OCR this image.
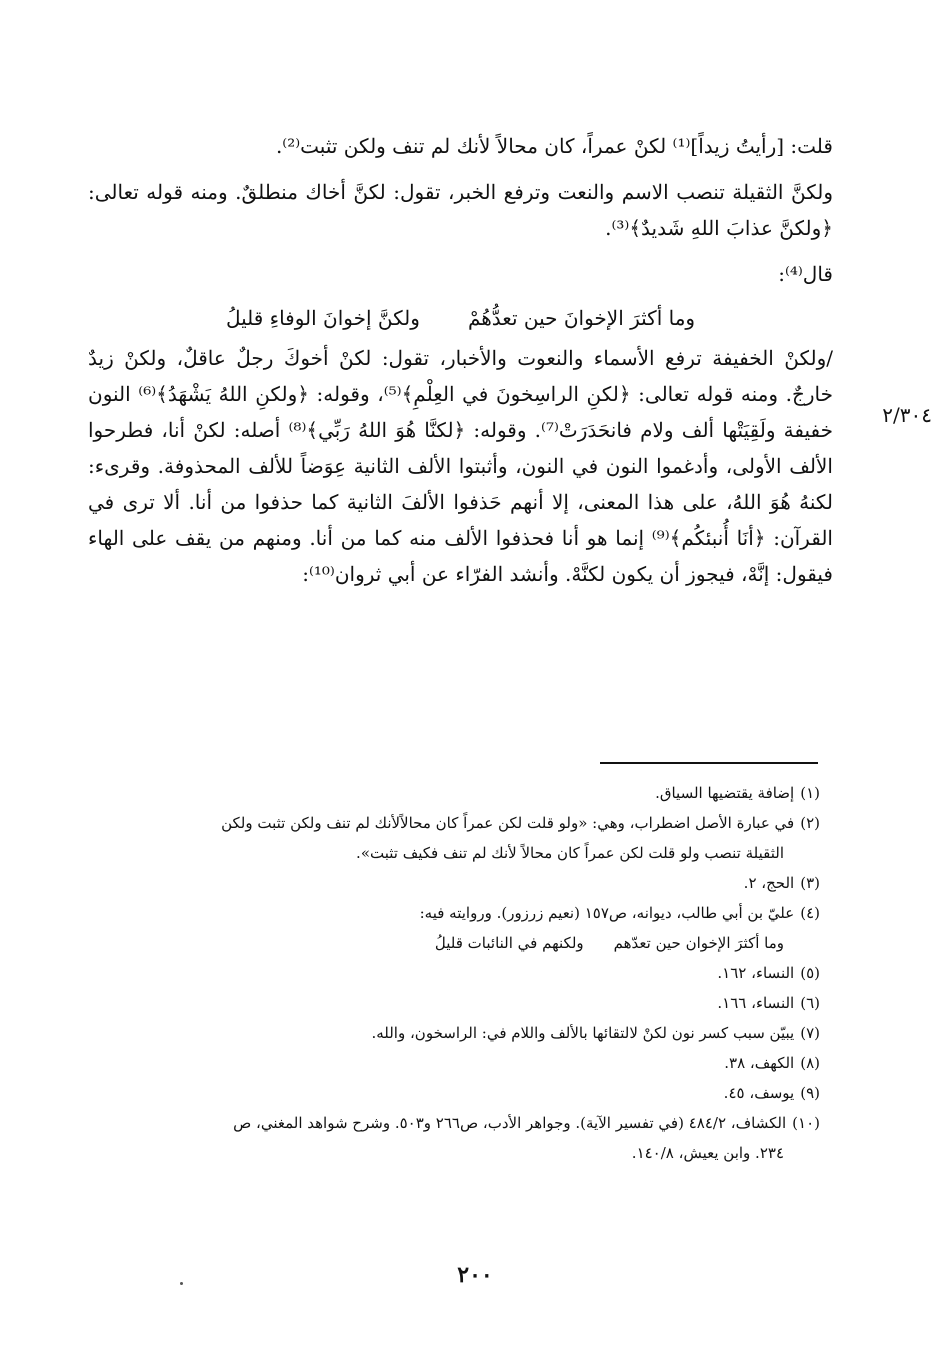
٢/٣٠٤

قلت: [رأيتُ زيداً]⁽¹⁾ لكنْ عمراً، كان محالاً لأنك لم تنف ولكن تثبت⁽²⁾.

ولكنَّ الثقيلة تنصب الاسم والنعت وترفع الخبر، تقول: لكنَّ أخاك منطلقٌ. ومنه قوله تعالى: ﴿ولكنَّ عذابَ اللهِ شَديدٌ﴾⁽³⁾.

قال⁽⁴⁾:

وما أكثرَ الإخوانَ حين تعدُّهُمْ
ولكنَّ إخوانَ الوفاءِ قليلُ

/ولكنْ الخفيفة ترفع الأسماء والنعوت والأخبار، تقول: لكنْ أخوكَ رجلٌ عاقلٌ، ولكنْ زيدٌ خارجٌ. ومنه قوله تعالى: ﴿لكنِ الراسِخونَ في العِلْمِ﴾⁽⁵⁾، وقوله: ﴿ولكنِ اللهُ يَشْهَدُ﴾⁽⁶⁾ النون خفيفة ولَقِيَتْها ألف ولام فانحَدَرَتْ⁽⁷⁾. وقوله: ﴿لكنَّا هُوَ اللهُ رَبِّي﴾⁽⁸⁾ أصله: لكنْ أنا، فطرحوا الألف الأولى، وأدغموا النون في النون، وأثبتوا الألف الثانية عِوَضاً للألف المحذوفة. وقرىء: لكنهُ هُوَ اللهُ، على هذا المعنى، إلا أنهم حَذفوا الألفَ الثانية كما حذفوا من أنا. ألا ترى في القرآن: ﴿أنَا أُنبئكُم﴾⁽⁹⁾ إنما هو أنا فحذفوا الألف منه كما من أنا. ومنهم من يقف على الهاء فيقول: إنَّهْ، فيجوز أن يكون لكنَّهْ. وأنشد الفرّاء عن أبي ثروان⁽¹⁰⁾:

(١)إضافة يقتضيها السياق.

(٢)في عبارة الأصل اضطراب، وهي: «ولو قلت لكن عمراً كان محالاًلأنك لم تنف ولكن تثبت ولكن

الثقيلة تنصب ولو قلت لكن عمراً كان محالاً لأنك لم تنف فكيف تثبت».

(٣)الحج، ٢.

(٤)عليّ بن أبي طالب، ديوانه، ص١٥٧ (نعيم زرزور). وروايته فيه:

وما أكثرَ الإخوان حين تعدّهم
ولكنهم في النائبات قليلُ

(٥)النساء، ١٦٢.

(٦)النساء، ١٦٦.

(٧)يبيّن سبب كسر نون لكنْ لالتقائها بالألف واللام في: الراسخون، والله.

(٨)الكهف، ٣٨.

(٩)يوسف، ٤٥.

(١٠)الكشاف، ٤٨٤/٢ (في تفسير الآية). وجواهر الأدب، ص٢٦٦ و٥٠٣. وشرح شواهد المغني، ص

٢٣٤. وابن يعيش، ١٤٠/٨.

٢٠٠
